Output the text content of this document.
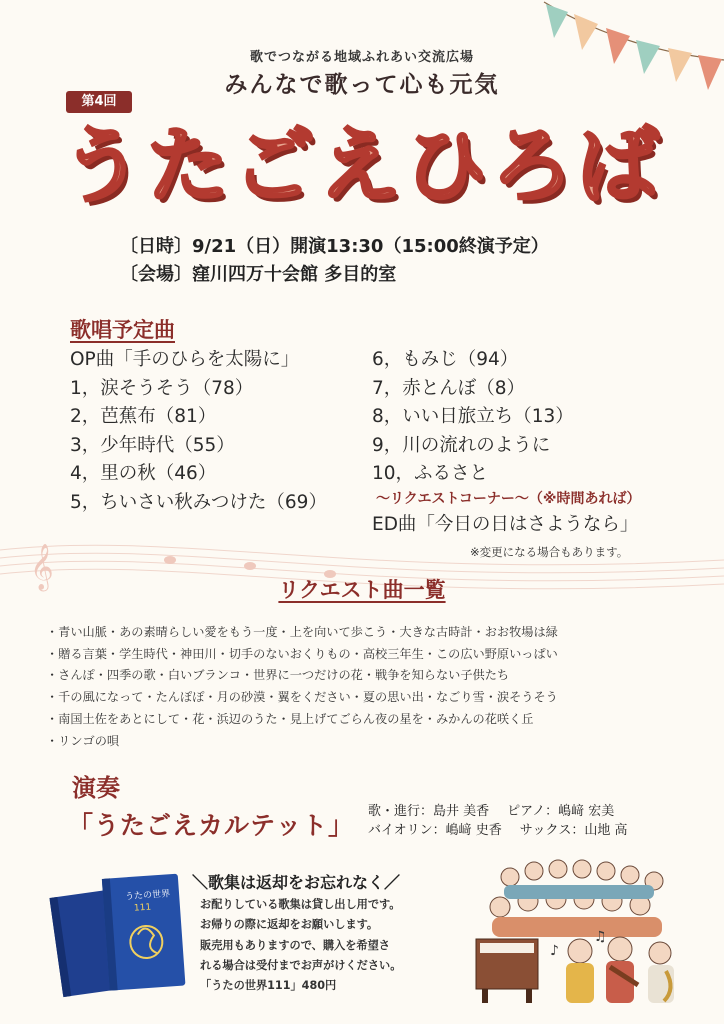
歌でつながる地域ふれあい交流広場
みんなで歌って心も元気
第4回
うたごえひろば
〔日時〕9/21（日）開演13:30（15:00終演予定）
〔会場〕窪川四万十会館 多目的室
歌唱予定曲
OP曲「手のひらを太陽に」
1，涙そうそう（78）
2，芭蕉布（81）
3，少年時代（55）
4，里の秋（46）
5，ちいさい秋みつけた（69）
6，もみじ（94）
7，赤とんぼ（8）
8，いい日旅立ち（13）
9，川の流れのように
10，ふるさと
～リクエストコーナー～（※時間あれば）
ED曲「今日の日はさようなら」
𝄞	※変更になる場合もあります。
リクエスト曲一覧
・青い山脈・あの素晴らしい愛をもう一度・上を向いて歩こう・大きな古時計・おお牧場は緑
・贈る言葉・学生時代・神田川・切手のないおくりもの・高校三年生・この広い野原いっぱい
・さんぽ・四季の歌・白いブランコ・世界に一つだけの花・戦争を知らない子供たち
・千の風になって・たんぽぽ・月の砂漠・翼をください・夏の思い出・なごり雪・涙そうそう
・南国土佐をあとにして・花・浜辺のうた・見上げてごらん夜の星を・みかんの花咲く丘
・リンゴの唄
演奏
「うたごえカルテット」 歌・進行：島井 美香 ピアノ：嶋﨑 宏美
バイオリン：嶋﨑 史香 サックス：山地 高
うたの世界
111
＼歌集は返却をお忘れなく／
お配りしている歌集は貸し出し用です。
お帰りの際に返却をお願いします。
販売用もありますので、購入を希望さ
れる場合は受付までお声がけください。
「うたの世界111」480円
♪
♫
